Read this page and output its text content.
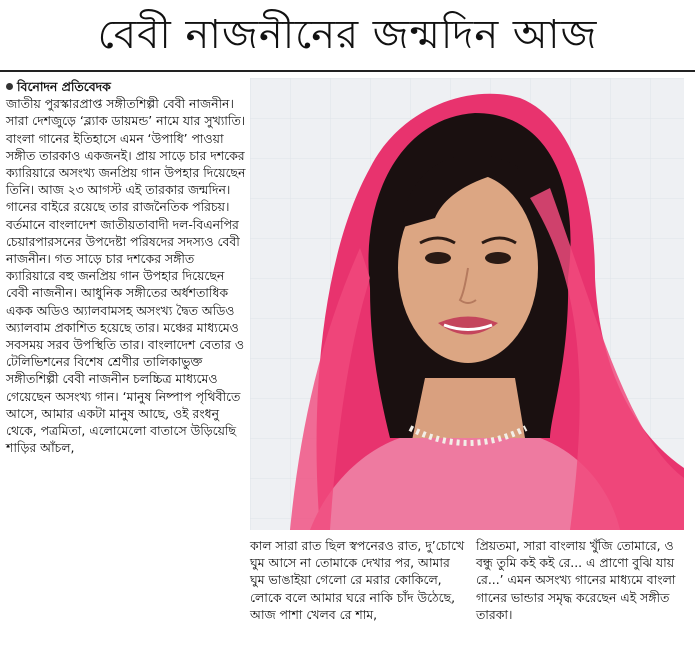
বেবী নাজনীনের জন্মদিন আজ
বিনোদন প্রতিবেদক

জাতীয় পুরস্কারপ্রাপ্ত সঙ্গীতশিল্পী বেবী নাজনীন। সারা দেশজুড়ে ‘ব্ল্যাক ডায়মন্ড’ নামে যার সুখ্যাতি। বাংলা গানের ইতিহাসে এমন ‘উপাধি’ পাওয়া সঙ্গীত তারকাও একজনই। প্রায় সাড়ে চার দশকের ক্যারিয়ারে অসংখ্য জনপ্রিয় গান উপহার দিয়েছেন তিনি। আজ ২৩ আগস্ট এই তারকার জন্মদিন। গানের বাইরে রয়েছে তার রাজনৈতিক পরিচয়। বর্তমানে বাংলাদেশ জাতীয়তাবাদী দল-বিএনপির চেয়ারপারসনের উপদেষ্টা পরিষদের সদস্যও বেবী নাজনীন। গত সাড়ে চার দশকের সঙ্গীত ক্যারিয়ারে বহু জনপ্রিয় গান উপহার দিয়েছেন বেবী নাজনীন। আধুনিক সঙ্গীতের অর্ধশতাধিক একক অডিও অ্যালবামসহ অসংখ্য দ্বৈত অডিও অ্যালবাম প্রকাশিত হয়েছে তার। মঞ্চের মাধ্যমেও সবসময় সরব উপস্থিতি তার। বাংলাদেশ বেতার ও টেলিভিশনের বিশেষ শ্রেণীর তালিকাভুক্ত সঙ্গীতশিল্পী বেবী নাজনীন চলচ্চিত্র মাধ্যমেও গেয়েছেন অসংখ্য গান। ‘মানুষ নিষ্পাপ পৃথিবীতে আসে, আমার একটা মানুষ আছে, ওই রংধনু থেকে, পত্রমিতা, এলোমেলো বাতাসে উড়িয়েছি শাড়ির আঁচল,

কাল সারা রাত ছিল স্বপনেরও রাত, দু’চোখে ঘুম আসে না তোমাকে দেখার পর, আমার ঘুম ভাঙাইয়া গেলো রে মরার কোকিলে, লোকে বলে আমার ঘরে নাকি চাঁদ উঠেছে, আজ পাশা খেলব রে শাম,
প্রিয়তমা, সারা বাংলায় খুঁজি তোমারে, ও বন্ধু তুমি কই কই রে... এ প্রাণো বুঝি যায় রে...’ এমন অসংখ্য গানের মাধ্যমে বাংলা গানের ভান্ডার সমৃদ্ধ করেছেন এই সঙ্গীত তারকা।
